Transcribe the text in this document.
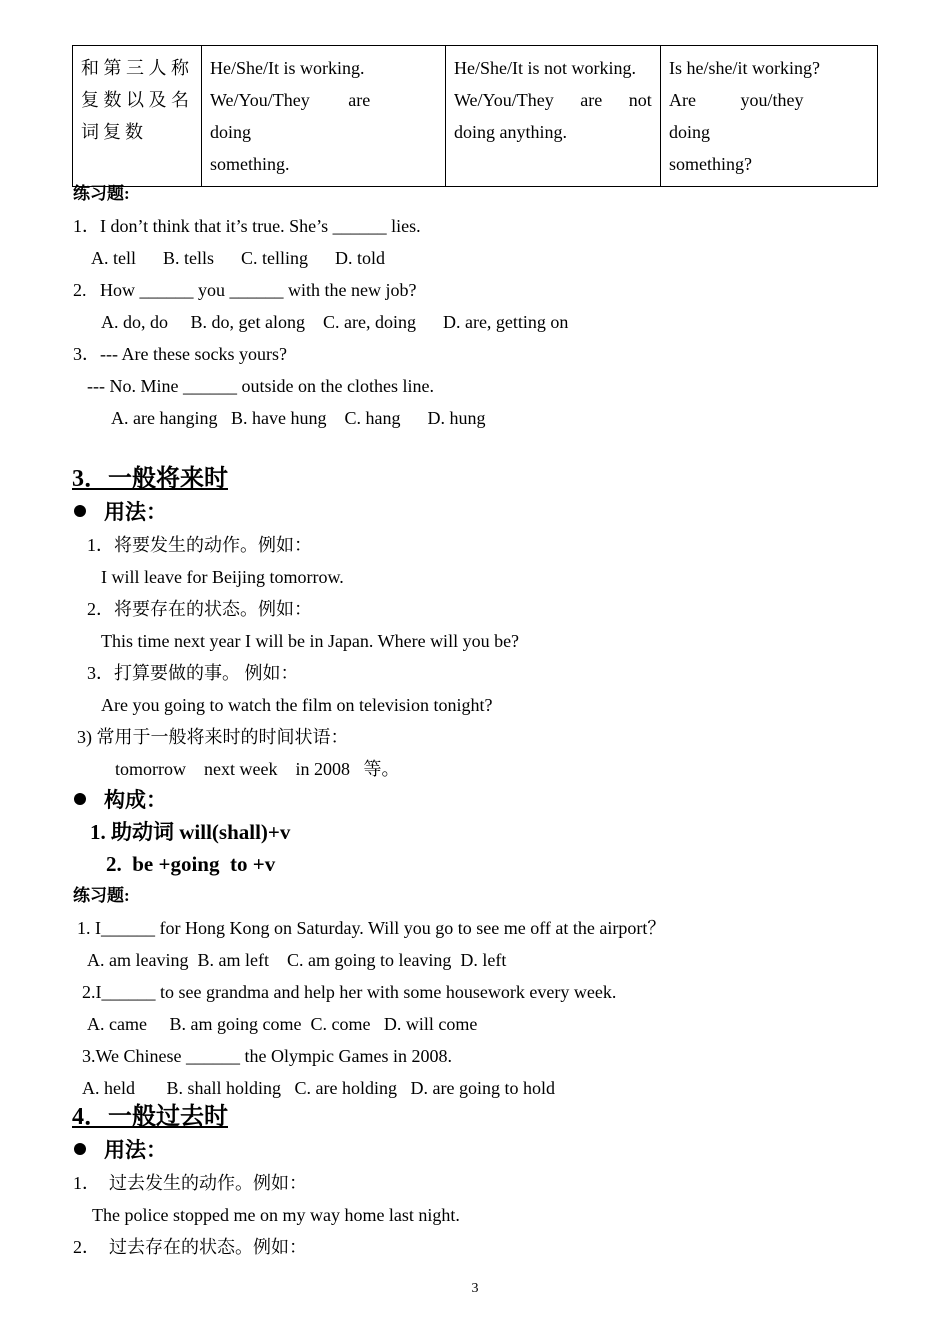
和第三人称复数以及名词复数	
He/She/It is working.
We/You/They are doing
something.

He/She/It is not working.
We/You/They are not
doing anything.

Is he/she/it working?
Are you/they doing
something?
练习题:
1．I don’t think that it’s true. She’s ______ lies.
A. tell      B. tells      C. telling      D. told
2.   How ______ you ______ with the new job?
A. do, do     B. do, get along    C. are, doing      D. are, getting on
3．--- Are these socks yours?
--- No. Mine ______ outside on the clothes line.
A. are hanging   B. have hung    C. hang      D. hung
3．一般将来时
用法：
1．将要发生的动作。例如：
I will leave for Beijing tomorrow.
2．将要存在的状态。例如：
This time next year I will be in Japan. Where will you be?
3．打算要做的事。 例如：
Are you going to watch the film on television tonight?
3) 常用于一般将来时的时间状语：
tomorrow    next week    in 2008   等。
构成：
1. 助动词 will(shall)+v
2.  be +going  to +v
练习题:
1. I______ for Hong Kong on Saturday. Will you go to see me off at the airport？
A. am leaving  B. am left    C. am going to leaving  D. left
2.I______ to see grandma and help her with some housework every week.
A. came     B. am going come  C. come   D. will come
3.We Chinese ______ the Olympic Games in 2008.
A. held       B. shall holding   C. are holding   D. are going to hold
4．一般过去时
用法：
1．  过去发生的动作。例如：
The police stopped me on my way home last night.
2．  过去存在的状态。例如：
3
